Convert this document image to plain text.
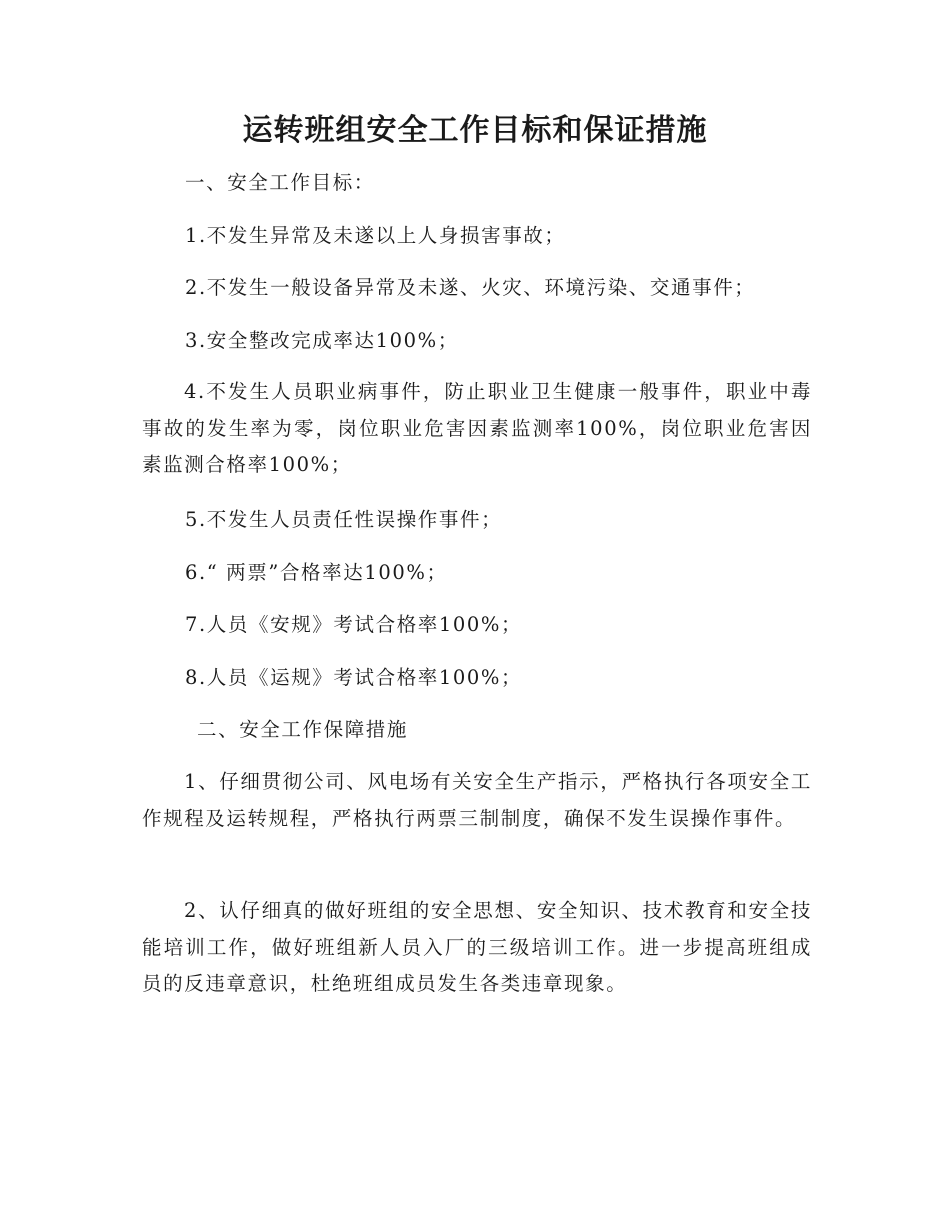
运转班组安全工作目标和保证措施

一、安全工作目标：

1.不发生异常及未遂以上人身损害事故；

2.不发生一般设备异常及未遂、火灾、环境污染、交通事件；

3.安全整改完成率达100%；

4.不发生人员职业病事件，防止职业卫生健康一般事件，职业中毒事故的发生率为零，岗位职业危害因素监测率100%，岗位职业危害因素监测合格率100%；

5.不发生人员责任性误操作事件；

6.“ 两票”合格率达100%；

7.人员《安规》考试合格率100%；

8.人员《运规》考试合格率100%；

二、安全工作保障措施

1、仔细贯彻公司、风电场有关安全生产指示，严格执行各项安全工作规程及运转规程，严格执行两票三制制度，确保不发生误操作事件。

2、认仔细真的做好班组的安全思想、安全知识、技术教育和安全技能培训工作，做好班组新人员入厂的三级培训工作。进一步提高班组成员的反违章意识，杜绝班组成员发生各类违章现象。
